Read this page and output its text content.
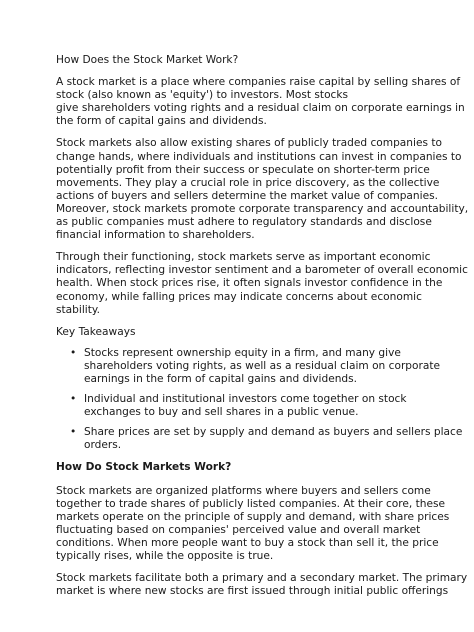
How Does the Stock Market Work?

A stock market is a place where companies raise capital by selling shares of
stock (also known as 'equity') to investors. Most stocks
give shareholders voting rights and a residual claim on corporate earnings in
the form of capital gains and dividends.

Stock markets also allow existing shares of publicly traded companies to
change hands, where individuals and institutions can invest in companies to
potentially profit from their success or speculate on shorter-term price
movements. They play a crucial role in price discovery, as the collective
actions of buyers and sellers determine the market value of companies.
Moreover, stock markets promote corporate transparency and accountability,
as public companies must adhere to regulatory standards and disclose
financial information to shareholders.

Through their functioning, stock markets serve as important economic
indicators, reflecting investor sentiment and a barometer of overall economic
health. When stock prices rise, it often signals investor confidence in the
economy, while falling prices may indicate concerns about economic
stability.

Key Takeaways
• Stocks represent ownership equity in a firm, and many give
shareholders voting rights, as well as a residual claim on corporate
earnings in the form of capital gains and dividends.
• Individual and institutional investors come together on stock
exchanges to buy and sell shares in a public venue.
• Share prices are set by supply and demand as buyers and sellers place
orders.
How Do Stock Markets Work?

Stock markets are organized platforms where buyers and sellers come
together to trade shares of publicly listed companies. At their core, these
markets operate on the principle of supply and demand, with share prices
fluctuating based on companies' perceived value and overall market
conditions. When more people want to buy a stock than sell it, the price
typically rises, while the opposite is true.

Stock markets facilitate both a primary and a secondary market. The primary
market is where new stocks are first issued through initial public offerings
